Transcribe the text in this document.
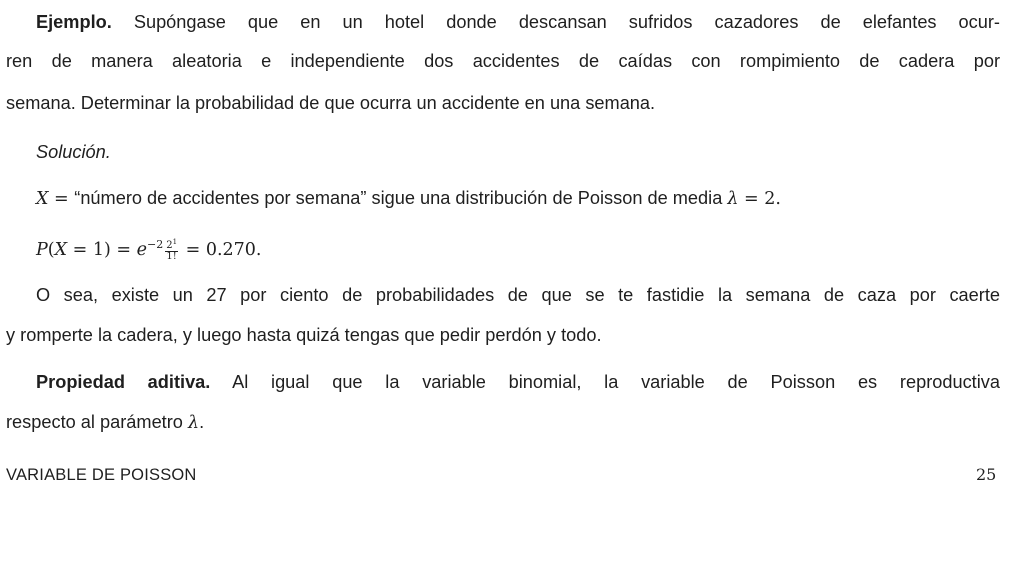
Ejemplo. Supóngase que en un hotel donde descansan sufridos cazadores de elefantes ocur-
ren de manera aleatoria e independiente dos accidentes de caídas con rompimiento de cadera por
semana. Determinar la probabilidad de que ocurra un accidente en una semana.
Solución.
X = “número de accidentes por semana” sigue una distribución de Poisson de media λ = 2.
$P(X = 1) = e^{-2} \frac{2^1}{1!} = 0.270$.
O sea, existe un 27 por ciento de probabilidades de que se te fastidie la semana de caza por caerte
y romperte la cadera, y luego hasta quizá tengas que pedir perdón y todo.
Propiedad aditiva. Al igual que la variable binomial, la variable de Poisson es reproductiva
respecto al parámetro λ.
VARIABLE DE POISSON	25
